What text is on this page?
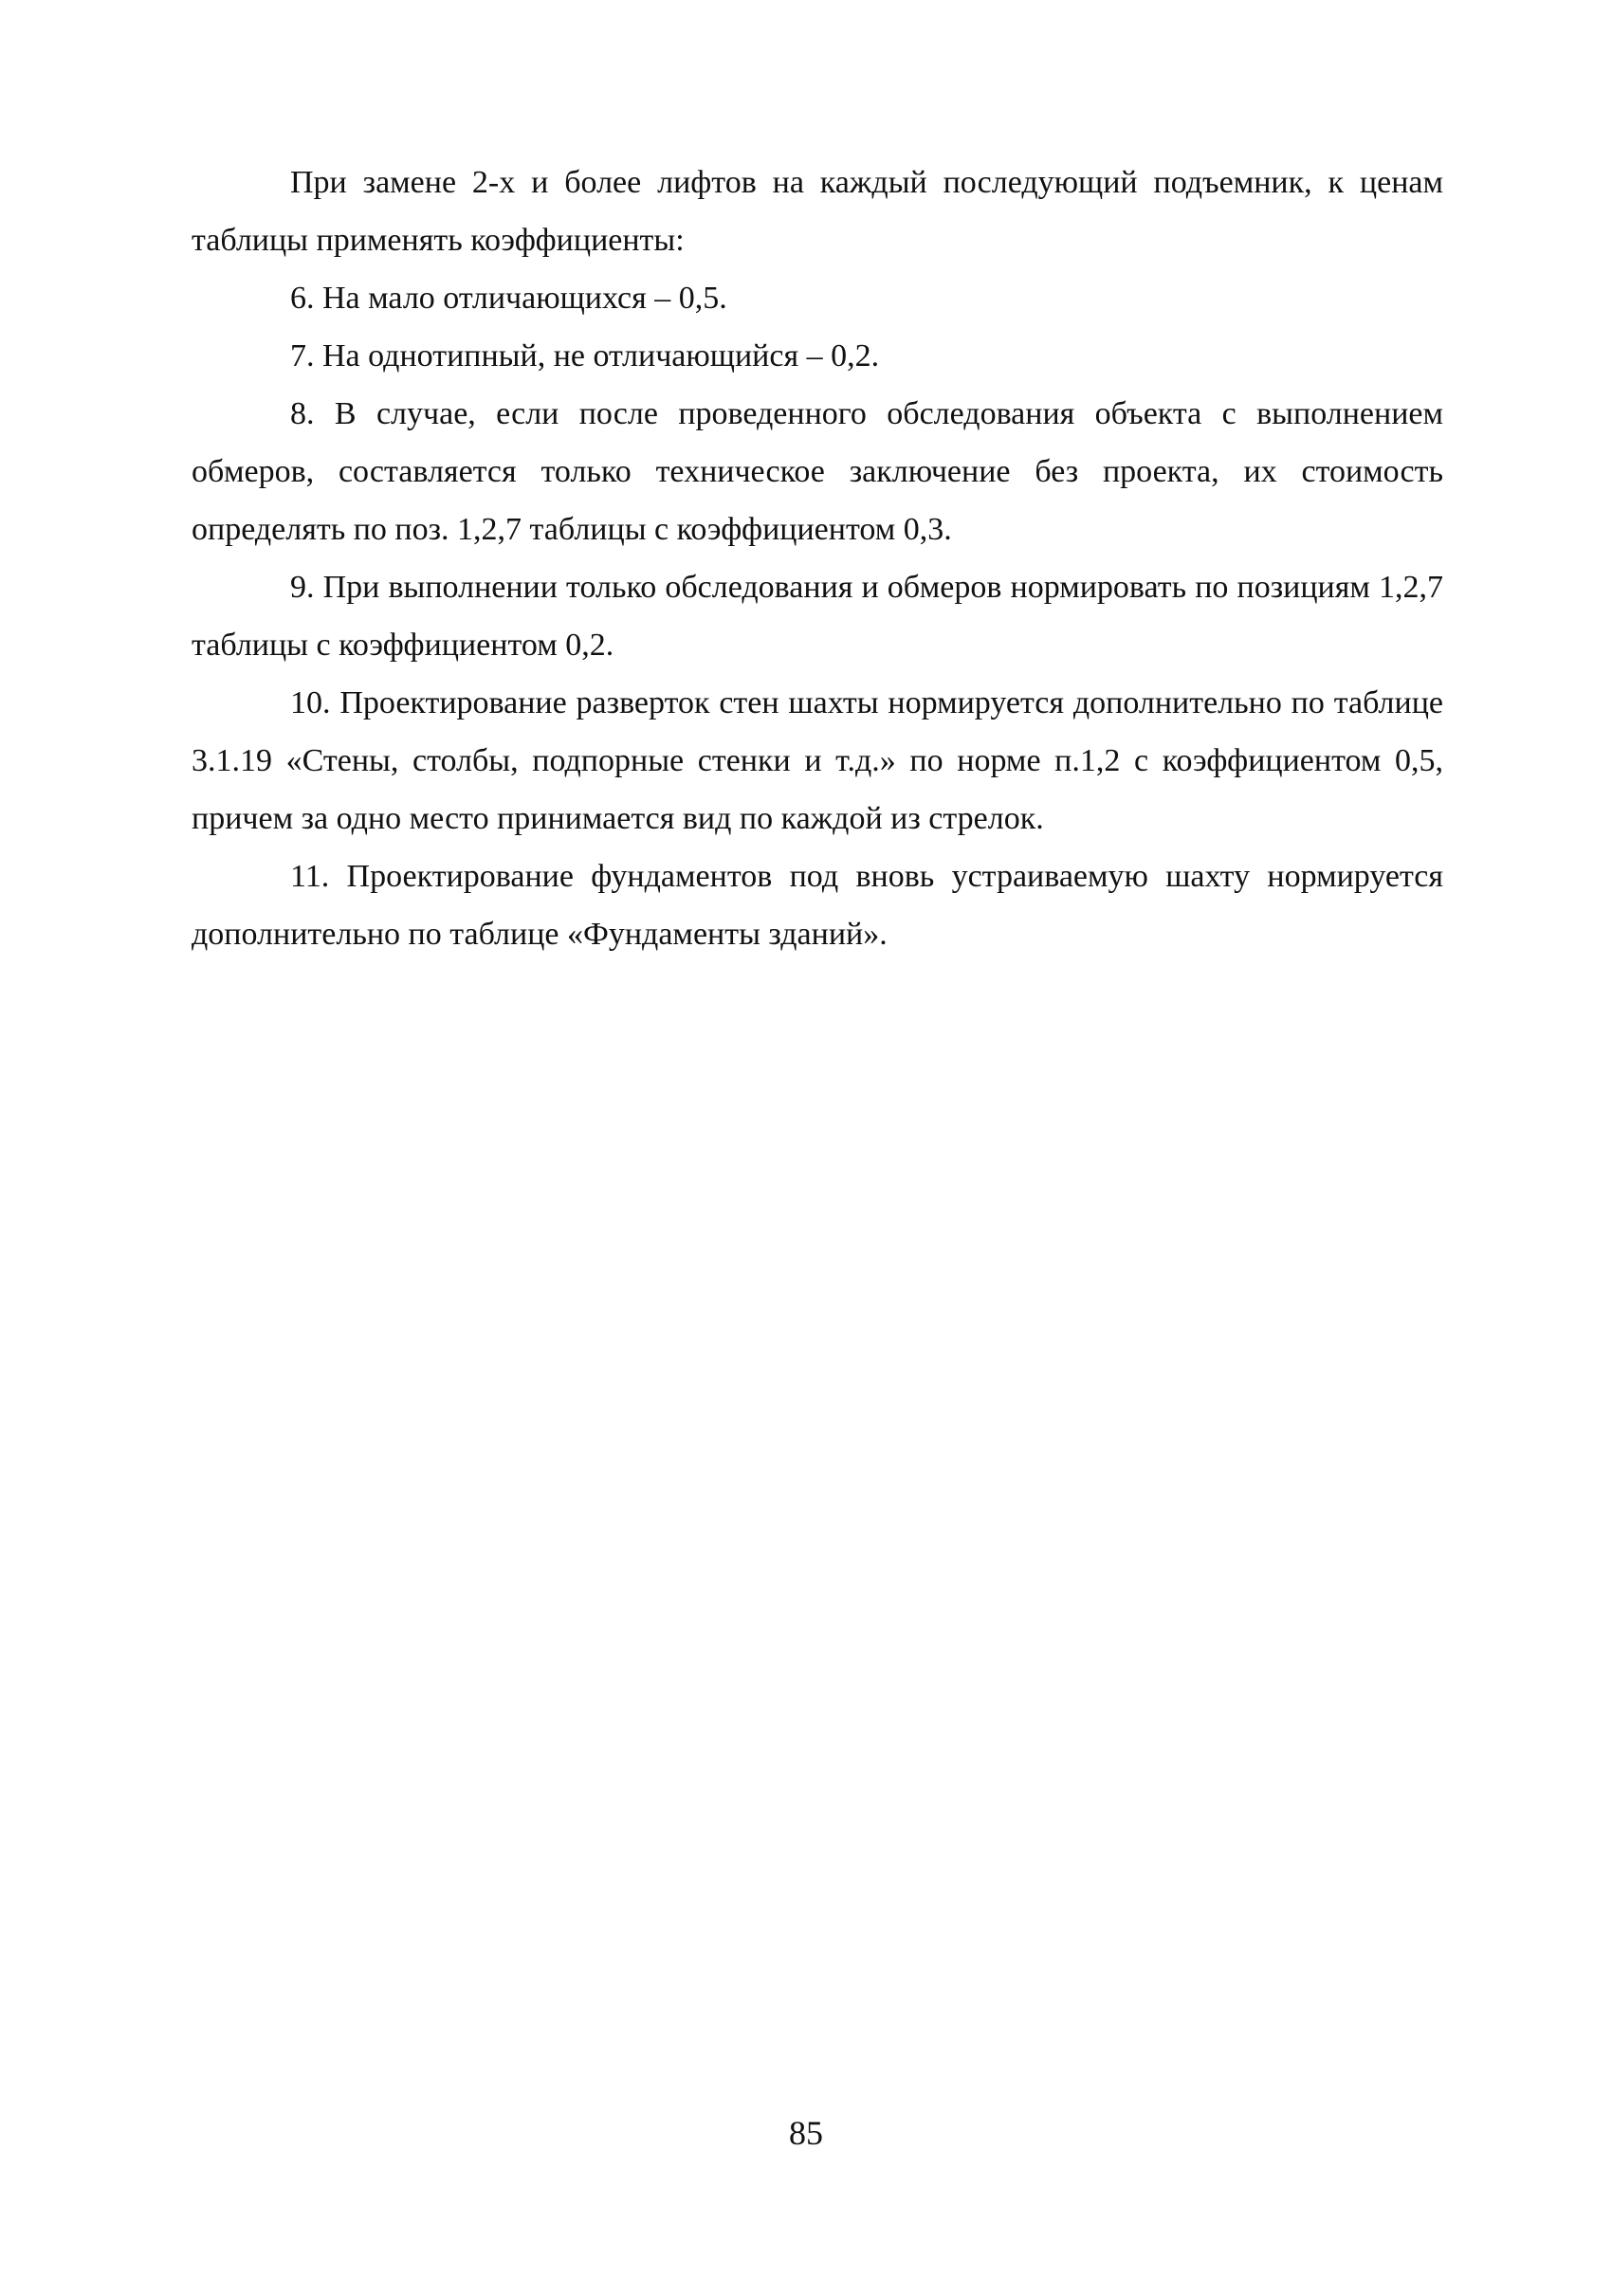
При замене 2-х и более лифтов на каждый последующий подъемник, к ценам таблицы применять коэффициенты:

6. На мало отличающихся – 0,5.

7. На однотипный, не отличающийся – 0,2.

8. В случае, если после проведенного обследования объекта с выполнением обмеров, составляется только техническое заключение без проекта, их стоимость определять по поз. 1,2,7 таблицы с коэффициентом 0,3.

9. При выполнении только обследования и обмеров нормировать по позициям 1,2,7 таблицы с коэффициентом 0,2.

10. Проектирование разверток стен шахты нормируется дополнительно по таблице 3.1.19 «Стены, столбы, подпорные стенки и т.д.» по норме п.1,2 с коэффициентом 0,5, причем за одно место принимается вид по каждой из стрелок.

11. Проектирование фундаментов под вновь устраиваемую шахту нормируется дополнительно по таблице «Фундаменты зданий».

85
